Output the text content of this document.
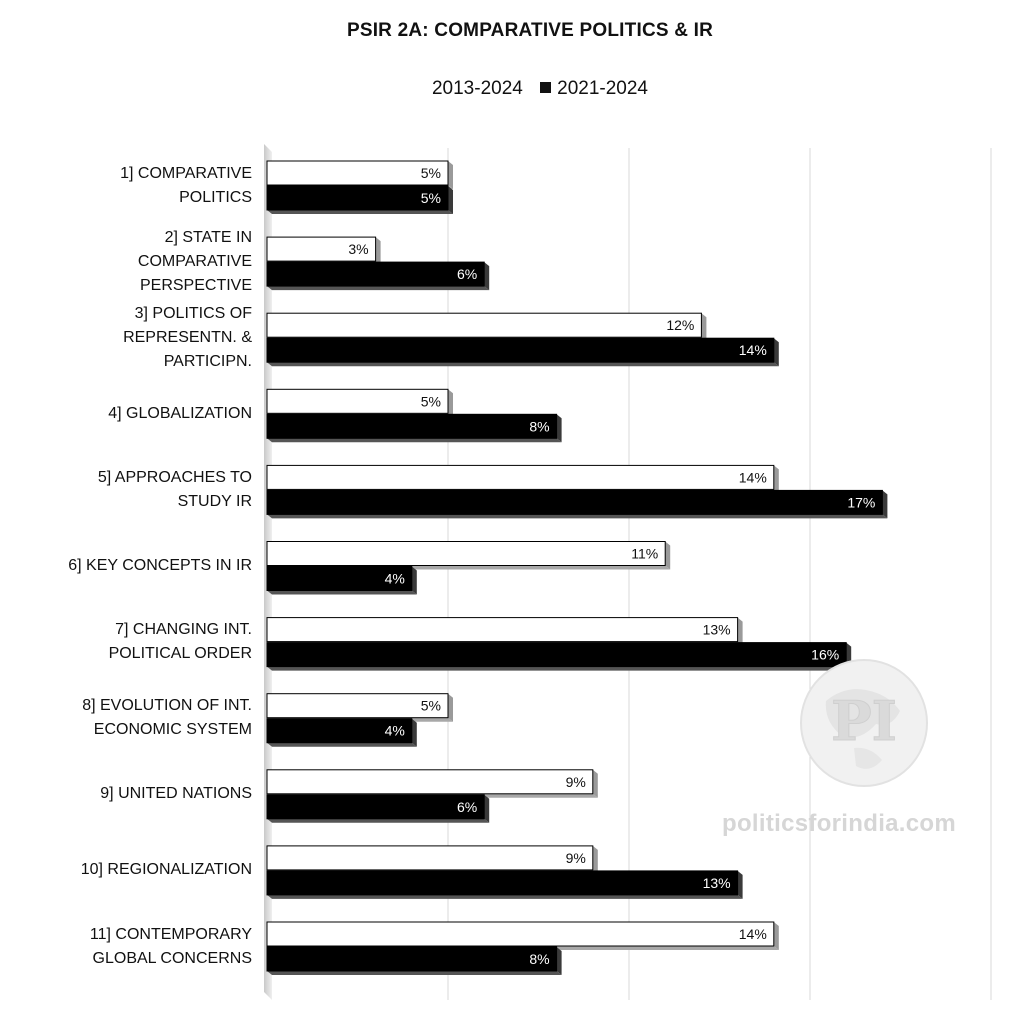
PSIR 2A: COMPARATIVE POLITICS & IR
2013-2024 2021-2024
5%
5%
3%
6%
12%
14%
5%
8%
14%
17%
11%
4%
13%
16%
5%
4%
9%
6%
9%
13%
14%
8%
1] COMPARATIVE
POLITICS
2] STATE IN
COMPARATIVE
PERSPECTIVE
3] POLITICS OF
REPRESENTN. &
PARTICIPN.
4] GLOBALIZATION
5] APPROACHES TO
STUDY IR
6] KEY CONCEPTS IN IR
7] CHANGING INT.
POLITICAL ORDER
8] EVOLUTION OF INT.
ECONOMIC SYSTEM
9] UNITED NATIONS
10] REGIONALIZATION
11] CONTEMPORARY
GLOBAL CONCERNS
PI
politicsforindia.com
